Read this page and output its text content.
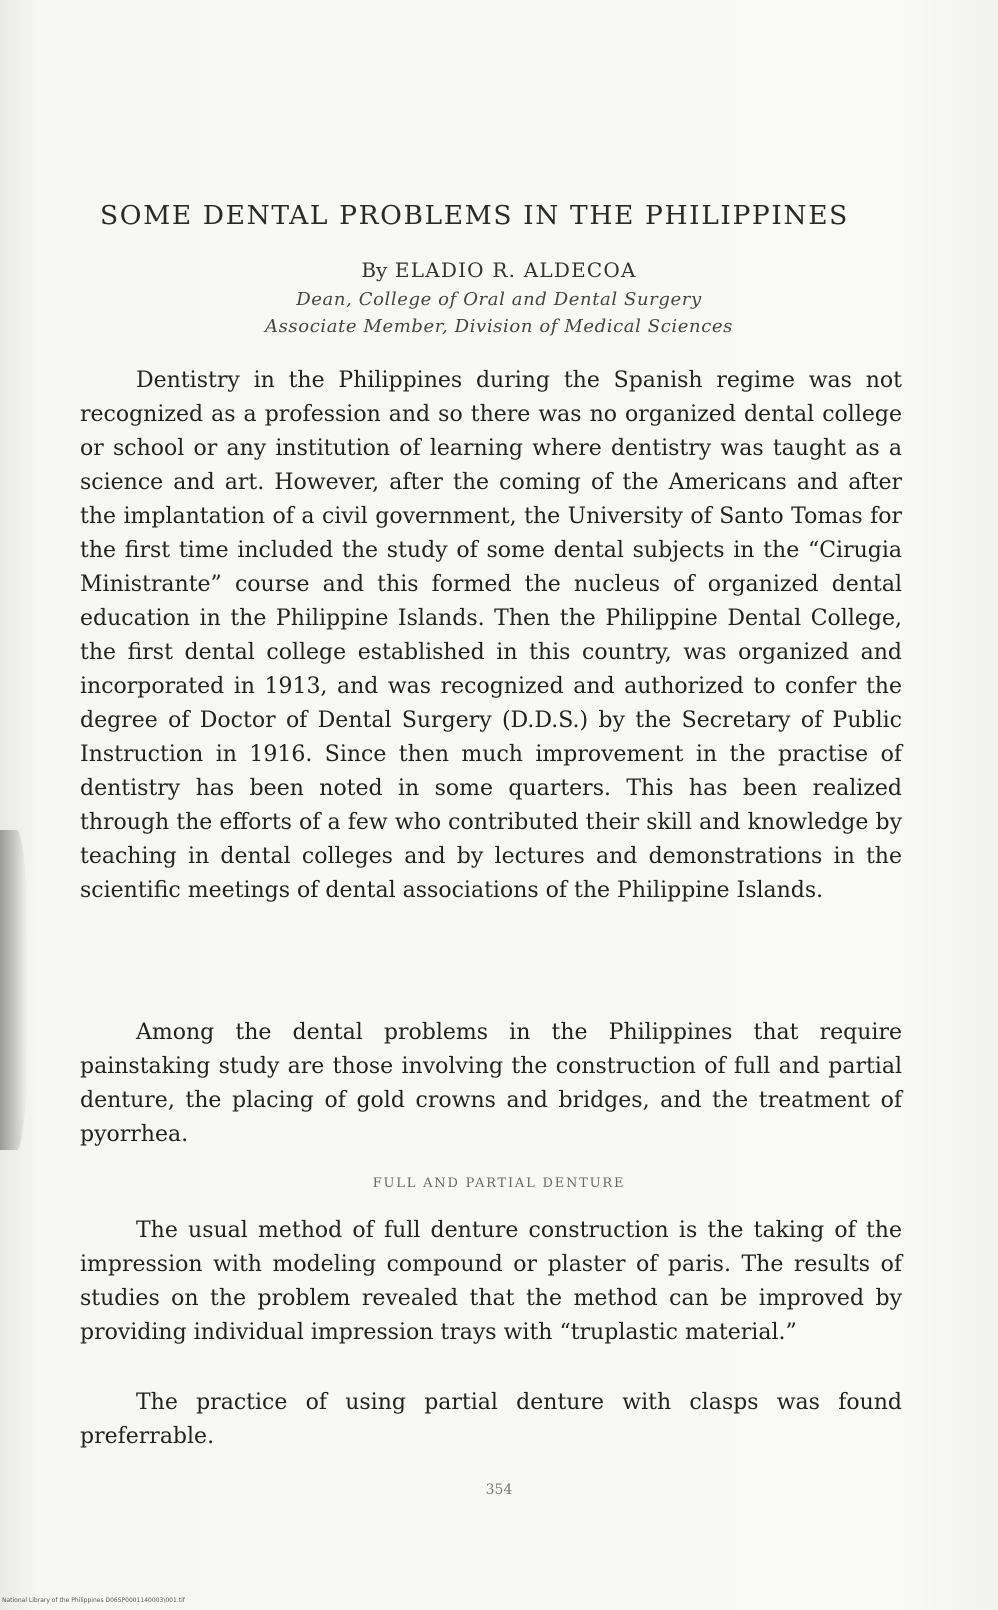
SOME DENTAL PROBLEMS IN THE PHILIPPINES
By ELADIO R. ALDECOA
Dean, College of Oral and Dental Surgery
Associate Member, Division of Medical Sciences

Dentistry in the Philippines during the Spanish regime was not recognized as a profession and so there was no organized dental college or school or any institution of learning where dentistry was taught as a science and art. However, after the coming of the Americans and after the implantation of a civil government, the University of Santo Tomas for the first time included the study of some dental subjects in the “Cirugia Ministrante” course and this formed the nucleus of organized dental education in the Philippine Islands. Then the Philippine Dental College, the first dental college established in this country, was organized and incorporated in 1913, and was recognized and authorized to confer the degree of Doctor of Dental Surgery (D.D.S.) by the Secretary of Public Instruction in 1916. Since then much improvement in the practise of dentistry has been noted in some quarters. This has been realized through the efforts of a few who contributed their skill and knowledge by teaching in dental colleges and by lectures and demonstrations in the scientific meetings of dental associations of the Philippine Islands.

Among the dental problems in the Philippines that require painstaking study are those involving the construction of full and partial denture, the placing of gold crowns and bridges, and the treatment of pyorrhea.

FULL AND PARTIAL DENTURE

The usual method of full denture construction is the taking of the impression with modeling compound or plaster of paris. The results of studies on the problem revealed that the method can be improved by providing individual impression trays with “truplastic material.”

The practice of using partial denture with clasps was found preferrable.

354
National Library of the Philippines D06SP0001140003\001.tif
